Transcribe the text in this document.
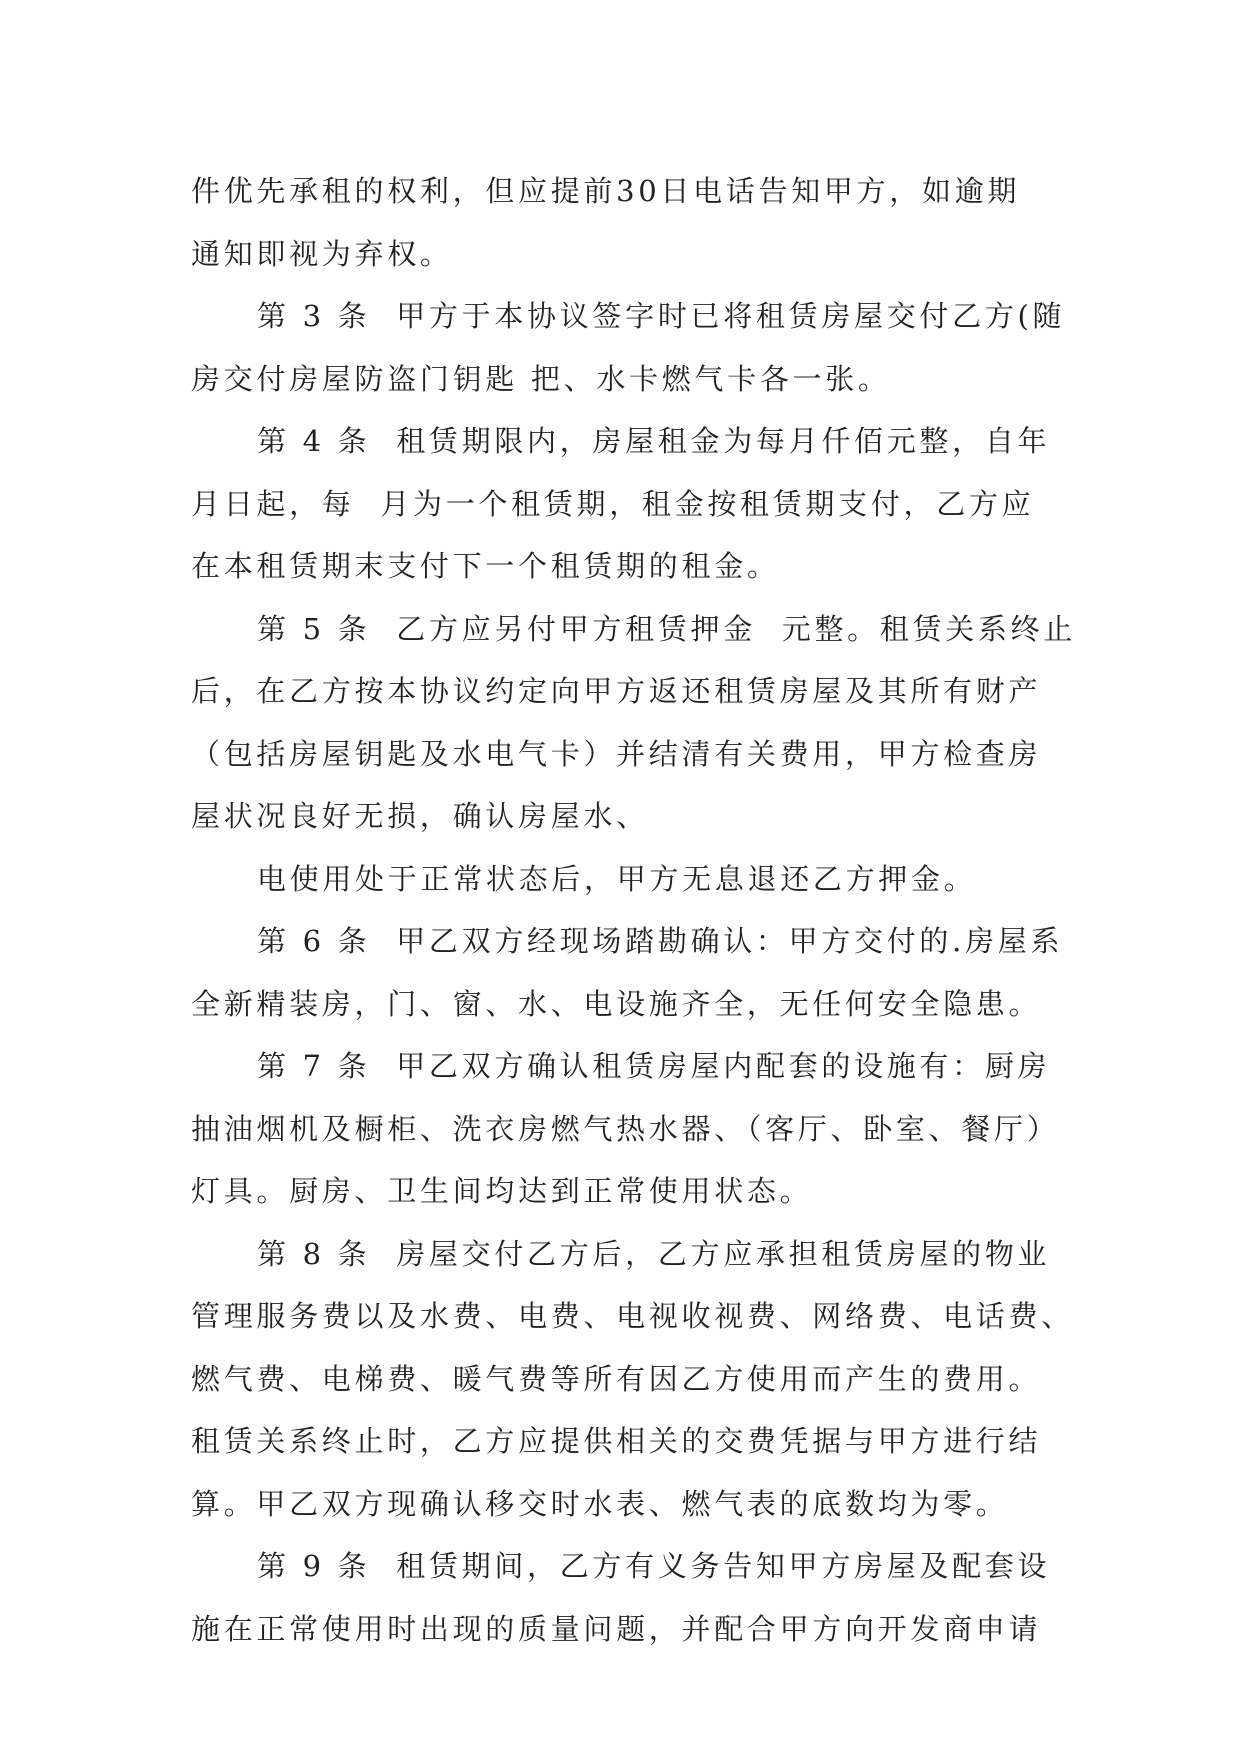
件优先承租的权利，但应提前30日电话告知甲方，如逾期
通知即视为弃权。
第 3 条  甲方于本协议签字时已将租赁房屋交付乙方(随
房交付房屋防盗门钥匙 把、水卡燃气卡各一张。
第 4 条  租赁期限内，房屋租金为每月仟佰元整，自年
月日起，每  月为一个租赁期，租金按租赁期支付，乙方应
在本租赁期末支付下一个租赁期的租金。
第 5 条  乙方应另付甲方租赁押金  元整。租赁关系终止
后，在乙方按本协议约定向甲方返还租赁房屋及其所有财产
（包括房屋钥匙及水电气卡）并结清有关费用，甲方检查房
屋状况良好无损，确认房屋水、
电使用处于正常状态后，甲方无息退还乙方押金。
第 6 条  甲乙双方经现场踏勘确认：甲方交付的.房屋系
全新精装房，门、窗、水、电设施齐全，无任何安全隐患。
第 7 条  甲乙双方确认租赁房屋内配套的设施有：厨房
抽油烟机及橱柜、洗衣房燃气热水器、（客厅、卧室、餐厅）
灯具。厨房、卫生间均达到正常使用状态。
第 8 条  房屋交付乙方后，乙方应承担租赁房屋的物业
管理服务费以及水费、电费、电视收视费、网络费、电话费、
燃气费、电梯费、暖气费等所有因乙方使用而产生的费用。
租赁关系终止时，乙方应提供相关的交费凭据与甲方进行结
算。甲乙双方现确认移交时水表、燃气表的底数均为零。
第 9 条  租赁期间，乙方有义务告知甲方房屋及配套设
施在正常使用时出现的质量问题，并配合甲方向开发商申请
